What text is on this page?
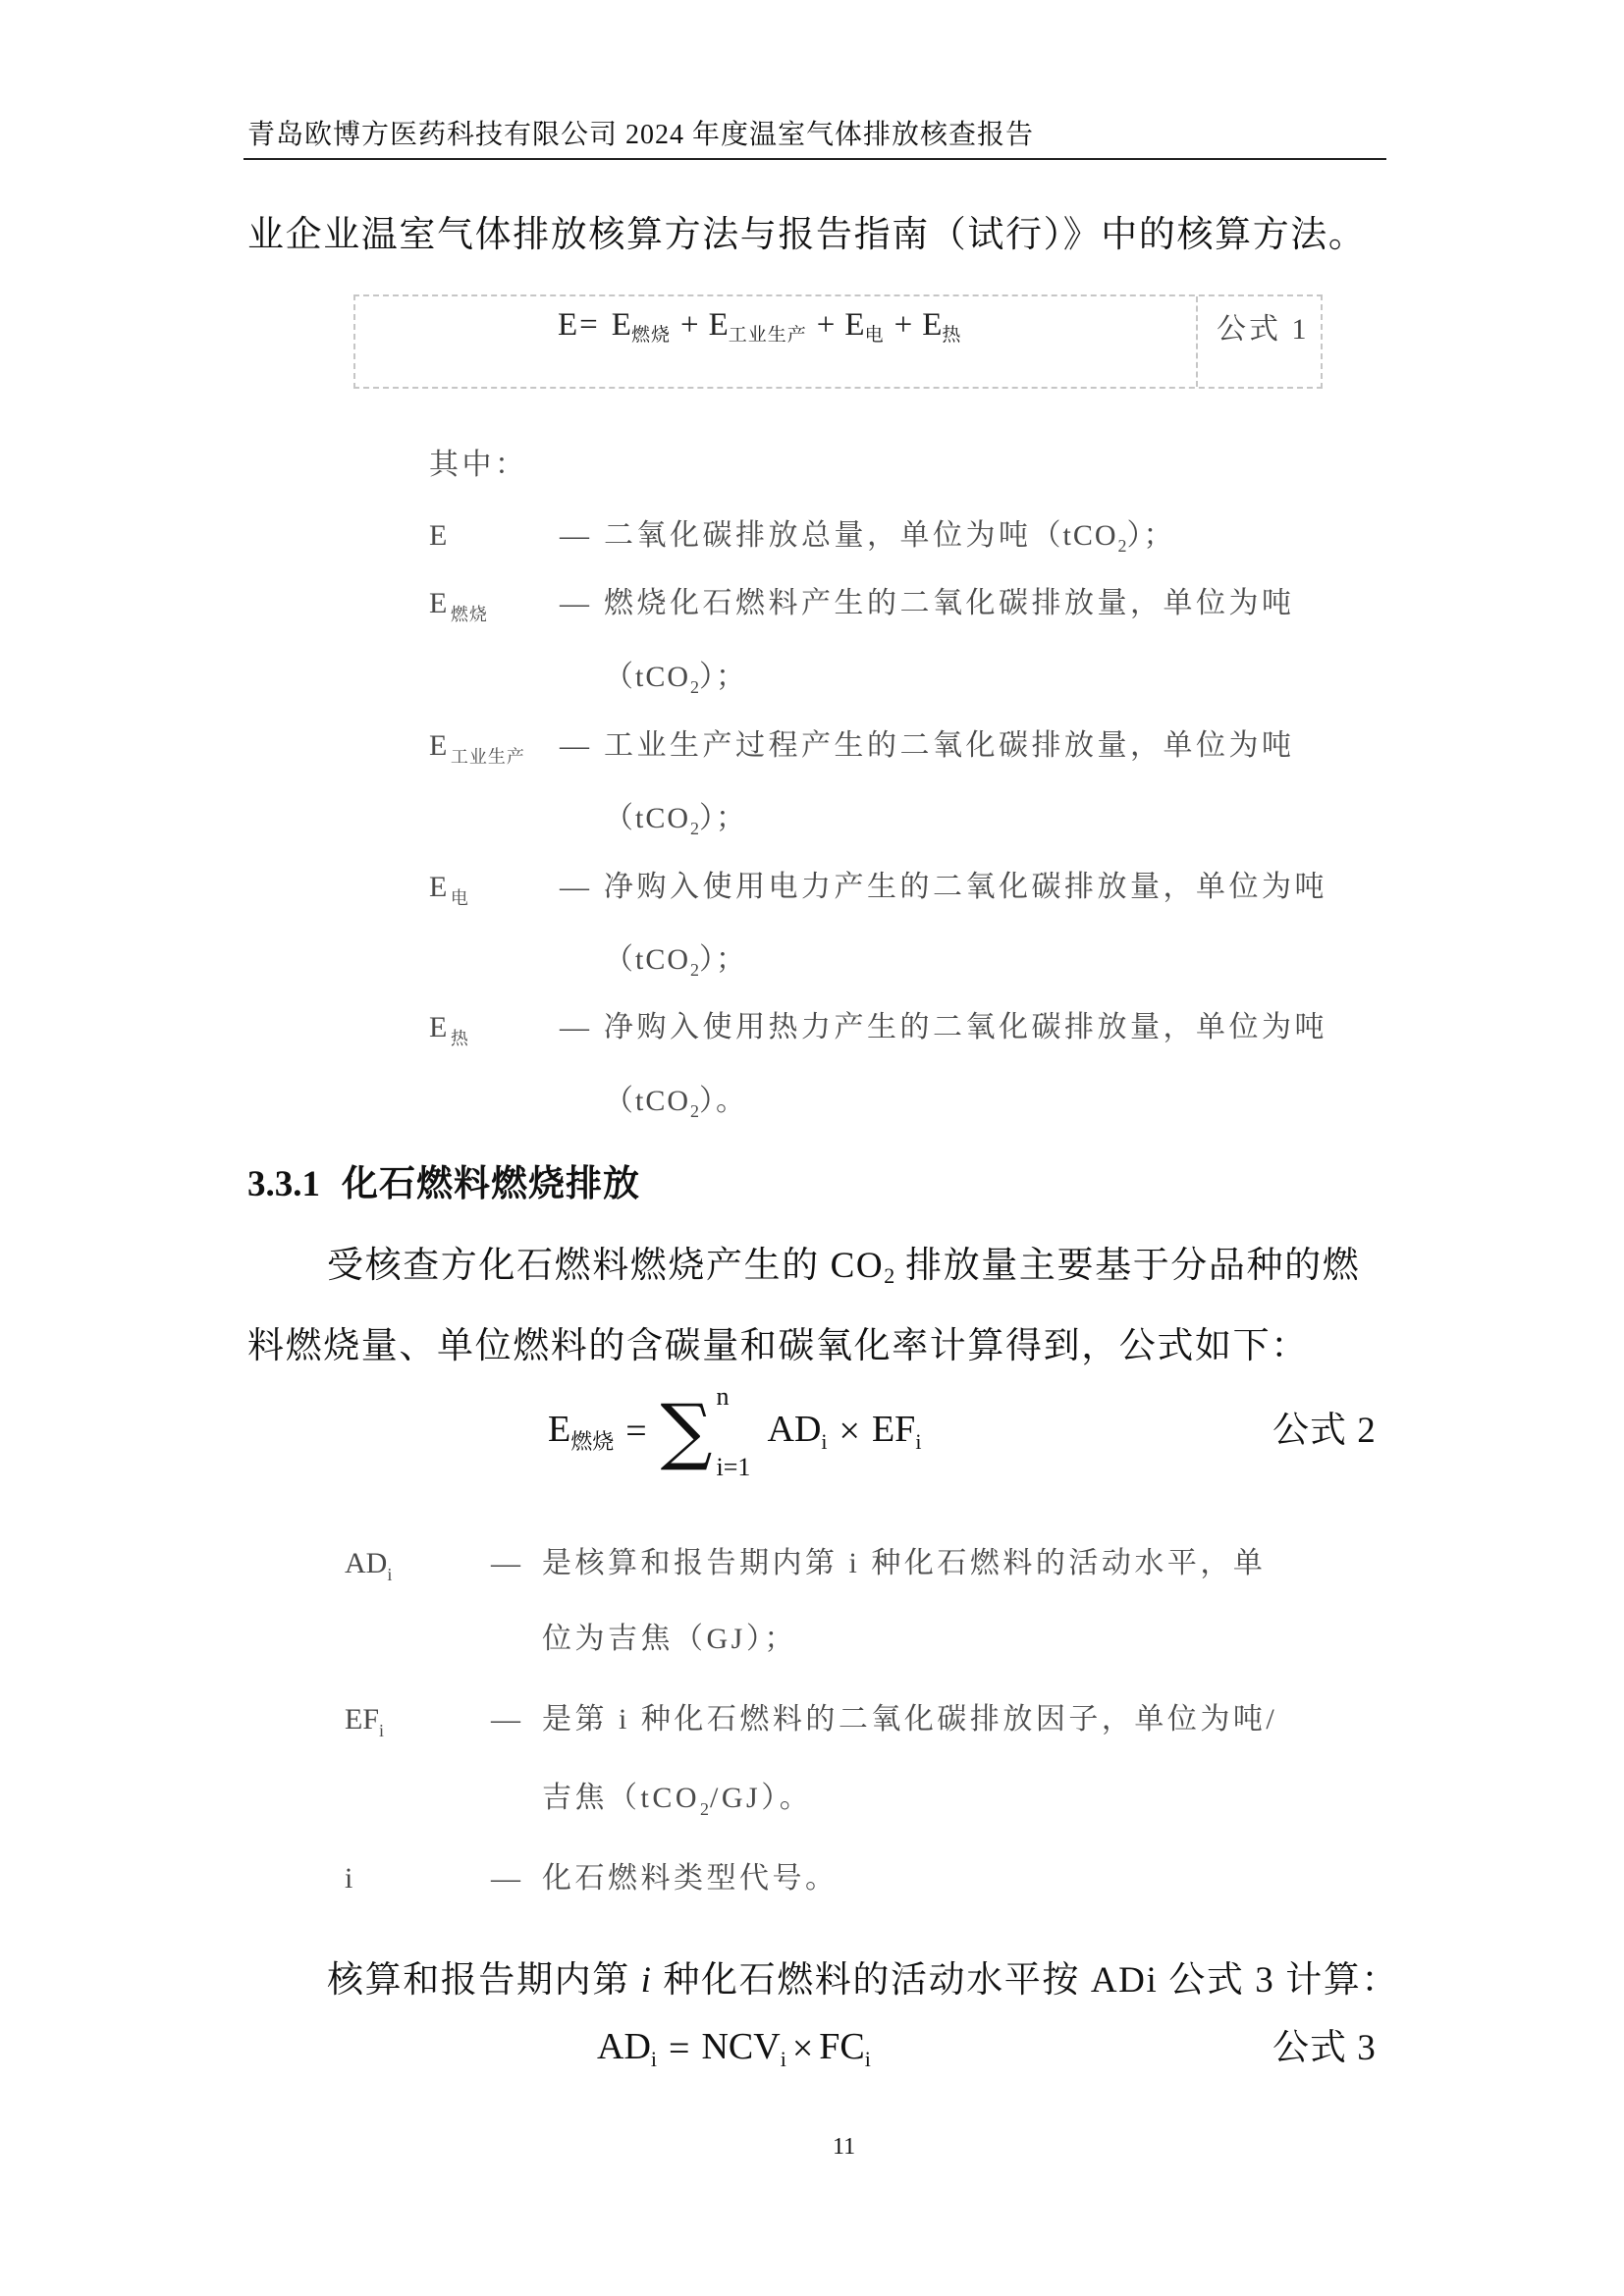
青岛欧博方医药科技有限公司 2024 年度温室气体排放核查报告
业企业温室气体排放核算方法与报告指南（试行）》中的核算方法。
$E= E_{燃烧} + E_{工业生产} + E_电 + E_热$	公式 1
其中：
E	— 二氧化碳排放总量，单位为吨（tCO$_2$）；
$E_{燃烧}$ — 燃烧化石燃料产生的二氧化碳排放量，单位为吨
（tCO$_2$）；
$E_{工业生产}$ — 工业生产过程产生的二氧化碳排放量，单位为吨
（tCO$_2$）；
$E_电$	— 净购入使用电力产生的二氧化碳排放量，单位为吨
（tCO$_2$）；
$E_热$	— 净购入使用热力产生的二氧化碳排放量，单位为吨
（tCO$_2$）。
3.3.1 化石燃料燃烧排放
受核查方化石燃料燃烧产生的 $CO_2$ 排放量主要基于分品种的燃
料燃烧量、单位燃料的含碳量和碳氧化率计算得到，公式如下：
$E_{燃烧}$ = ∑ n
i=1
$AD_i \times EF_i$	公式 2
$AD_i$	— 是核算和报告期内第 i 种化石燃料的活动水平，单
位为吉焦（GJ）；
$EF_i$	— 是第 i 种化石燃料的二氧化碳排放因子，单位为吨/
吉焦（tCO$_2$/GJ）。
i	— 化石燃料类型代号。
核算和报告期内第 i 种化石燃料的活动水平按 ADi 公式 3 计算：
$AD_i = NCV_i \times FC_i$	公式 3
11
